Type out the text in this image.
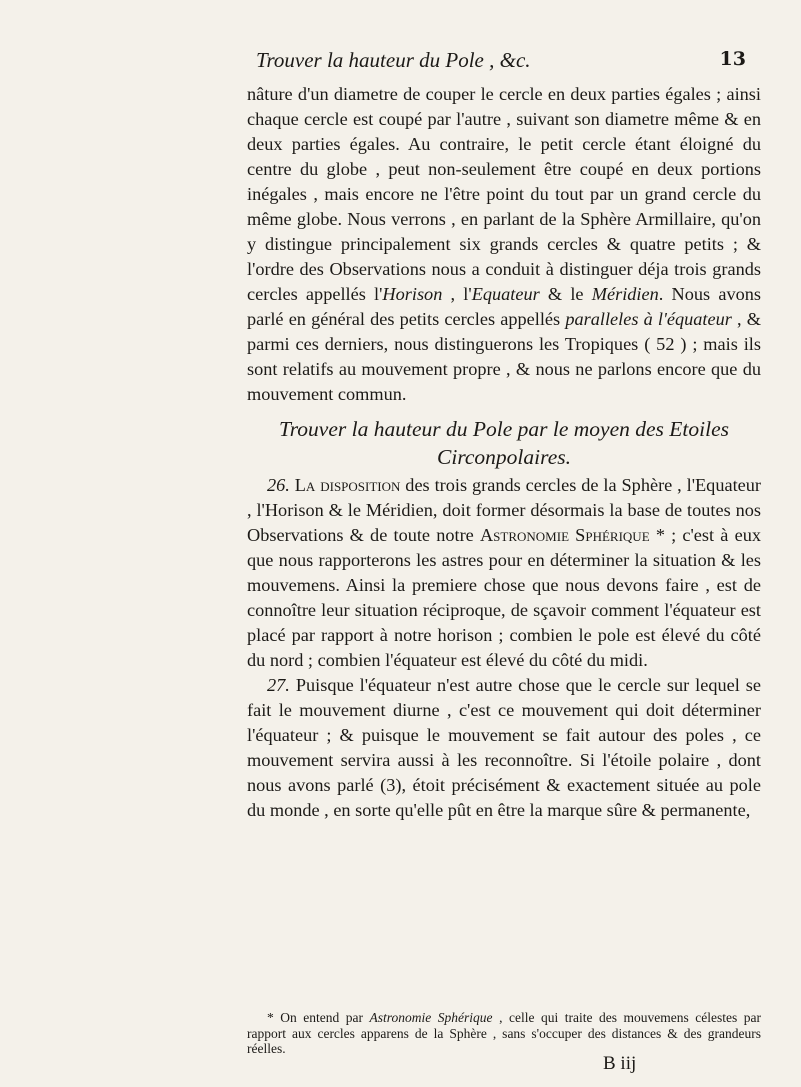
Trouver la hauteur du Pole , &c.	13

nâture d'un diametre de couper le cercle en deux parties égales ; ainsi chaque cercle est coupé par l'autre , suivant son diametre même & en deux parties égales. Au contraire, le petit cercle étant éloigné du centre du globe , peut non-seulement être coupé en deux portions inégales , mais encore ne l'être point du tout par un grand cercle du même globe. Nous verrons , en parlant de la Sphère Armillaire, qu'on y distingue principalement six grands cercles & quatre petits ; & l'ordre des Observations nous a conduit à distinguer déja trois grands cercles appellés l'Horison , l'Equateur & le Méridien. Nous avons parlé en général des petits cercles appellés paralleles à l'équateur , & parmi ces derniers, nous distinguerons les Tropiques ( 52 ) ; mais ils sont relatifs au mouvement propre , & nous ne parlons encore que du mouvement commun.

Trouver la hauteur du Pole par le moyen des Etoiles Circonpolaires.

26. La disposition des trois grands cercles de la Sphère , l'Equateur , l'Horison & le Méridien, doit former désormais la base de toutes nos Observations & de toute notre Astronomie Sphérique * ; c'est à eux que nous rapporterons les astres pour en déterminer la situation & les mouvemens. Ainsi la premiere chose que nous devons faire , est de connoître leur situation réciproque, de sçavoir comment l'équateur est placé par rapport à notre horison ; combien le pole est élevé du côté du nord ; combien l'équateur est élevé du côté du midi.

27. Puisque l'équateur n'est autre chose que le cercle sur lequel se fait le mouvement diurne , c'est ce mouvement qui doit déterminer l'équateur ; & puisque le mouvement se fait autour des poles , ce mouvement servira aussi à les reconnoître. Si l'étoile polaire , dont nous avons parlé (3), étoit précisément & exactement située au pole du monde , en sorte qu'elle pût en être la marque sûre & permanente,

* On entend par Astronomie Sphérique , celle qui traite des mouvemens célestes par rapport aux cercles apparens de la Sphère , sans s'occuper des distances & des grandeurs réelles.
B iij
